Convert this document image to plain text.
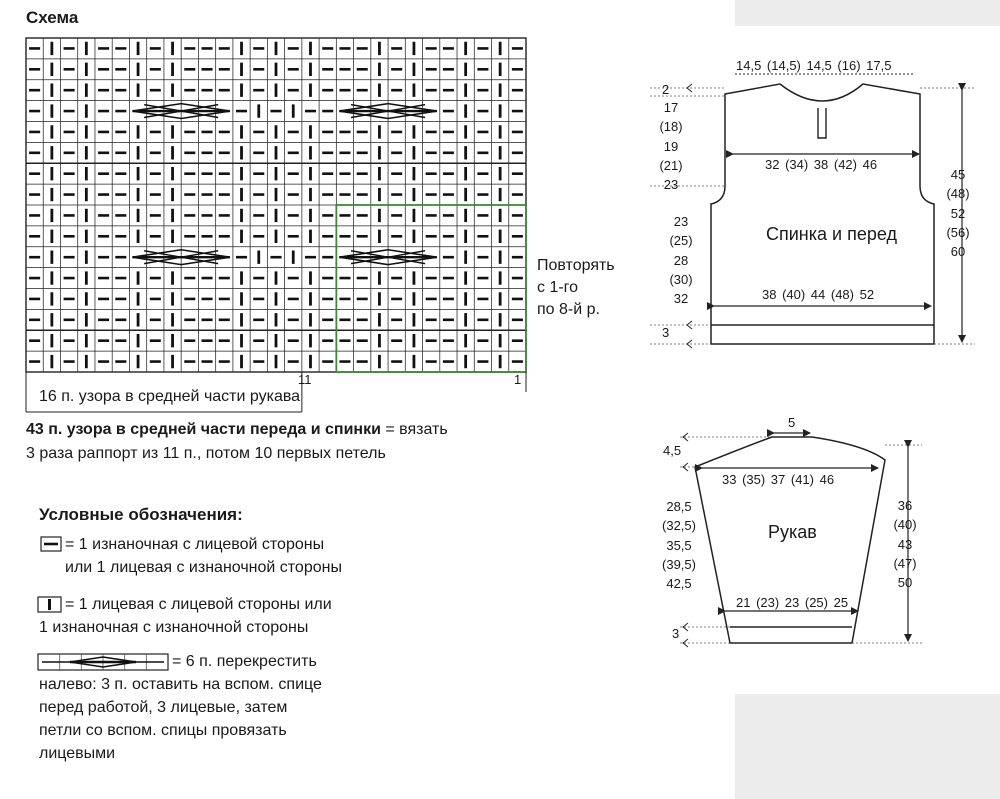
Схема
Повторять
с 1-го
по 8-й р.
11	1
16 п. узора в средней части рукава
43 п. узора в средней части переда и спинки = вязать
3 раза раппорт из 11 п., потом 10 первых петель
Условные обозначения:
= 1 изнаночная с лицевой стороны
или 1 лицевая с изнаночной стороны
= 1 лицевая с лицевой стороны или
1 изнаночная с изнаночной стороны
= 6 п. перекрестить
налево: 3 п. оставить на вспом. спице
перед работой, 3 лицевые, затем
петли со вспом. спицы провязать
лицевыми
14,5 (14,5) 14,5 (16) 17,5
32 (34) 38 (42) 46
38 (40) 44 (48) 52
Спинка и перед
2
17
(18)
19
(21)
23
23
(25)
28
(30)
32
3
45
(48)
52
(56)
60
5
4,5
33 (35) 37 (41) 46
Рукав
21 (23) 23 (25) 25
28,5
(32,5)
35,5
(39,5)
42,5
3
36
(40)
43
(47)
50
